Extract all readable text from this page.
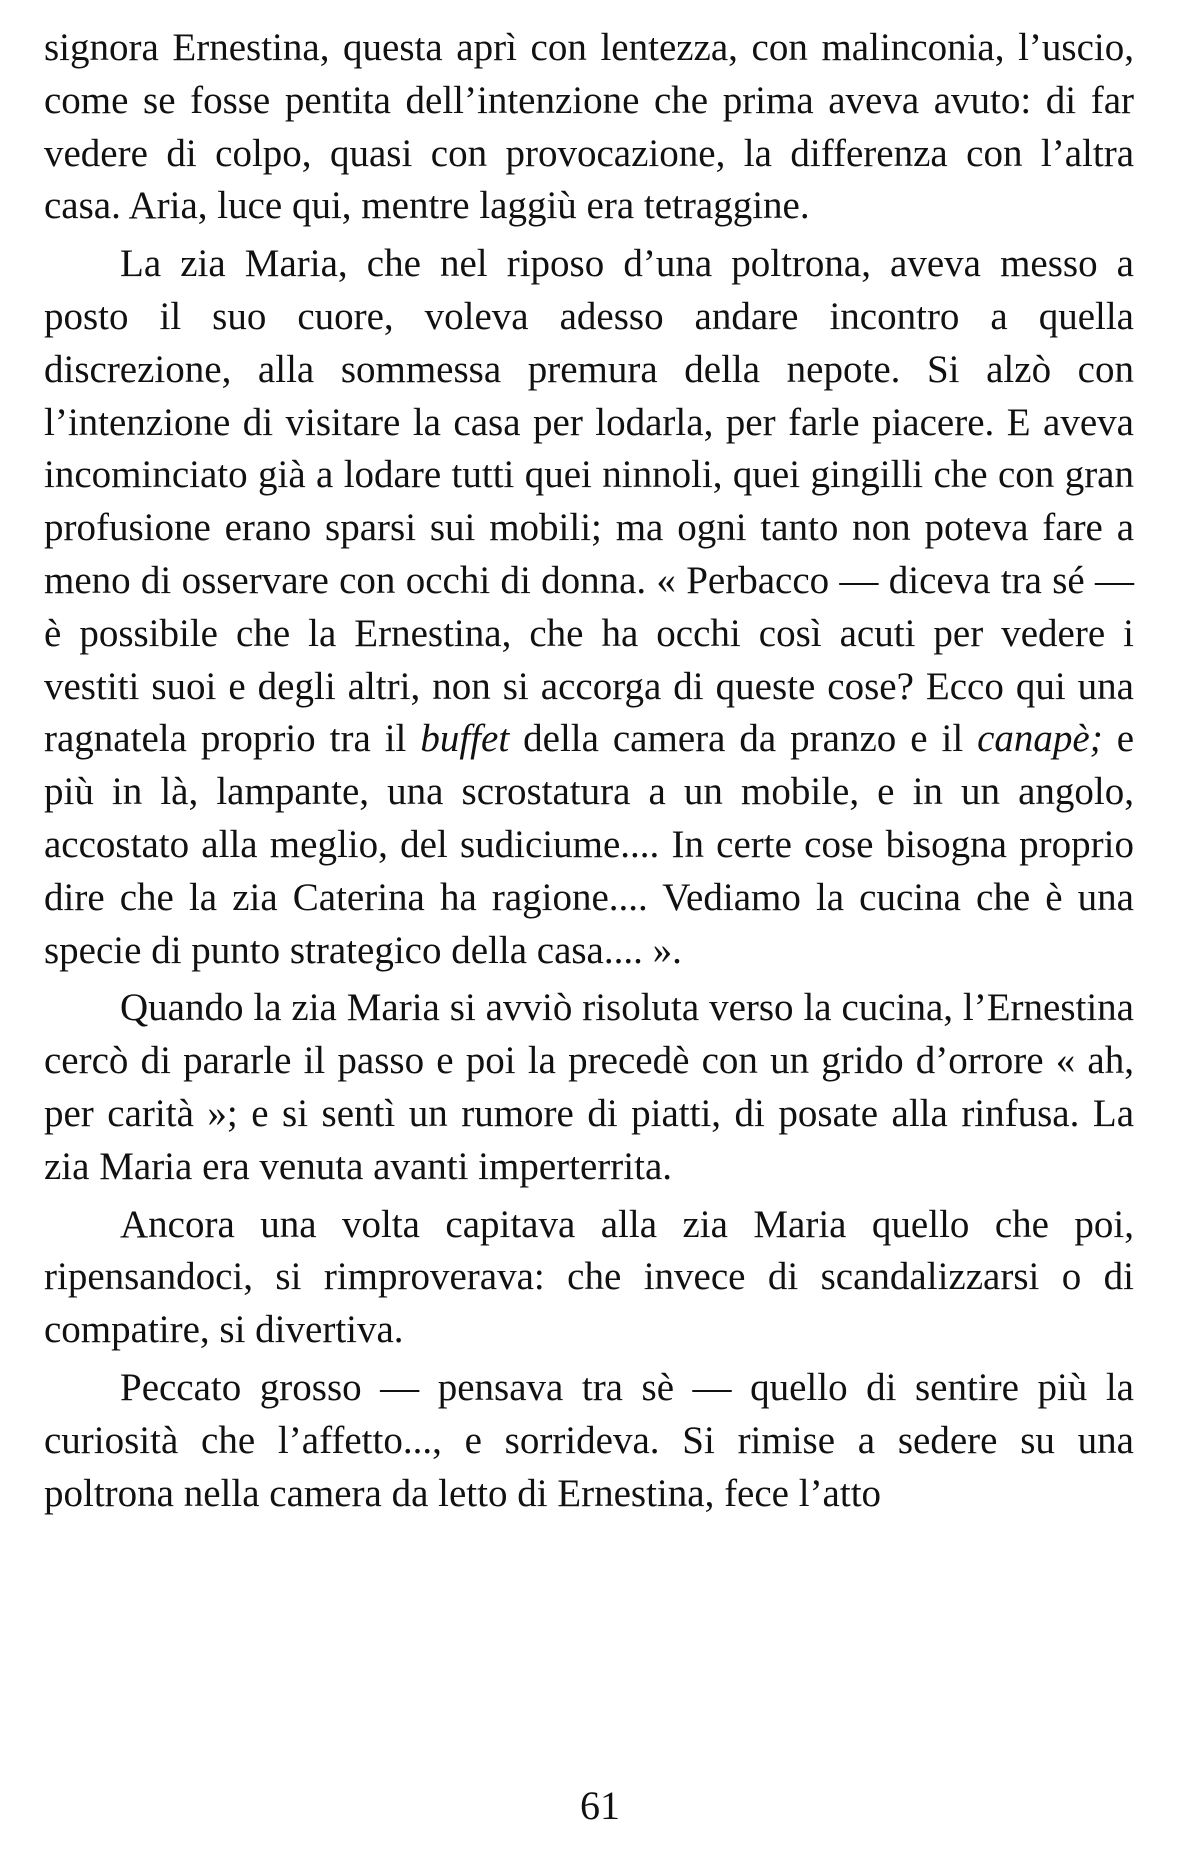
signora Ernestina, questa aprì con lentezza, con malinconia, l’uscio, come se fosse pentita dell’intenzione che prima aveva avuto: di far vedere di colpo, quasi con provocazione, la differenza con l’altra casa. Aria, luce qui, mentre laggiù era tetraggine.

La zia Maria, che nel riposo d’una poltrona, aveva messo a posto il suo cuore, voleva adesso andare incontro a quella discrezione, alla sommessa premura della nepote. Si alzò con l’intenzione di visitare la casa per lodarla, per farle piacere. E aveva incominciato già a lodare tutti quei ninnoli, quei gingilli che con gran profusione erano sparsi sui mobili; ma ogni tanto non poteva fare a meno di osservare con occhi di donna. « Perbacco — diceva tra sé — è possibile che la Ernestina, che ha occhi così acuti per vedere i vestiti suoi e degli altri, non si accorga di queste cose? Ecco qui una ragnatela proprio tra il buffet della camera da pranzo e il canapè; e più in là, lampante, una scrostatura a un mobile, e in un angolo, accostato alla meglio, del sudiciume.... In certe cose bisogna proprio dire che la zia Caterina ha ragione.... Vediamo la cucina che è una specie di punto strategico della casa.... ».

Quando la zia Maria si avviò risoluta verso la cucina, l’Ernestina cercò di pararle il passo e poi la precedè con un grido d’orrore « ah, per carità »; e si sentì un rumore di piatti, di posate alla rinfusa. La zia Maria era venuta avanti imperterrita.

Ancora una volta capitava alla zia Maria quello che poi, ripensandoci, si rimproverava: che invece di scandalizzarsi o di compatire, si divertiva.

Peccato grosso — pensava tra sè — quello di sentire più la curiosità che l’affetto..., e sorrideva. Si rimise a sedere su una poltrona nella camera da letto di Ernestina, fece l’atto

61
